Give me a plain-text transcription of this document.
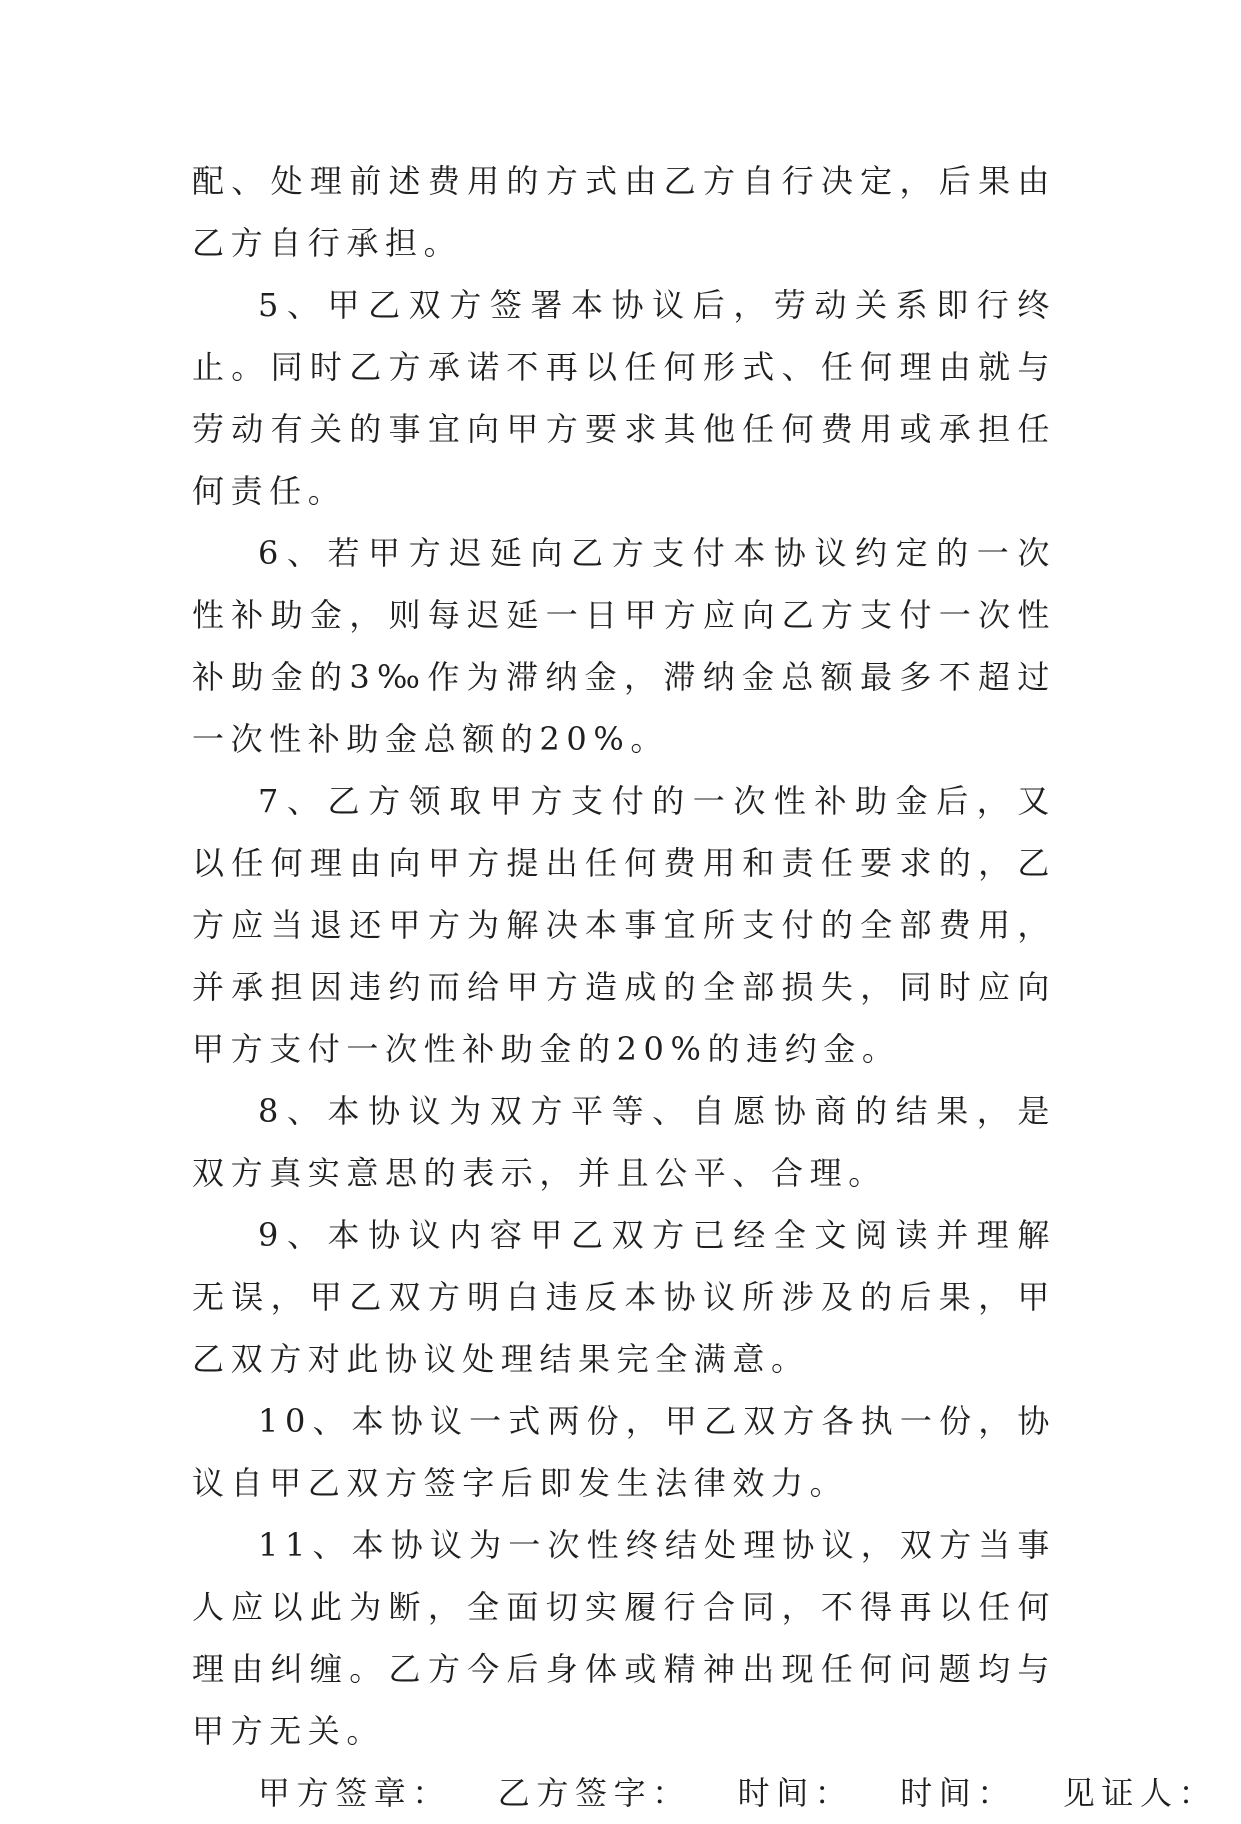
配、处理前述费用的方式由乙方自行决定，后果由乙方自行承担。

5、甲乙双方签署本协议后，劳动关系即行终止。同时乙方承诺不再以任何形式、任何理由就与劳动有关的事宜向甲方要求其他任何费用或承担任何责任。

6、若甲方迟延向乙方支付本协议约定的一次性补助金，则每迟延一日甲方应向乙方支付一次性补助金的3‰作为滞纳金，滞纳金总额最多不超过一次性补助金总额的20%。

7、乙方领取甲方支付的一次性补助金后，又以任何理由向甲方提出任何费用和责任要求的，乙方应当退还甲方为解决本事宜所支付的全部费用，并承担因违约而给甲方造成的全部损失，同时应向甲方支付一次性补助金的20%的违约金。

8、本协议为双方平等、自愿协商的结果，是双方真实意思的表示，并且公平、合理。

9、本协议内容甲乙双方已经全文阅读并理解无误，甲乙双方明白违反本协议所涉及的后果，甲乙双方对此协议处理结果完全满意。

10、本协议一式两份，甲乙双方各执一份，协议自甲乙双方签字后即发生法律效力。

11、本协议为一次性终结处理协议，双方当事人应以此为断，全面切实履行合同，不得再以任何理由纠缠。乙方今后身体或精神出现任何问题均与甲方无关。

甲方签章： 乙方签字： 时间： 时间： 见证人：
